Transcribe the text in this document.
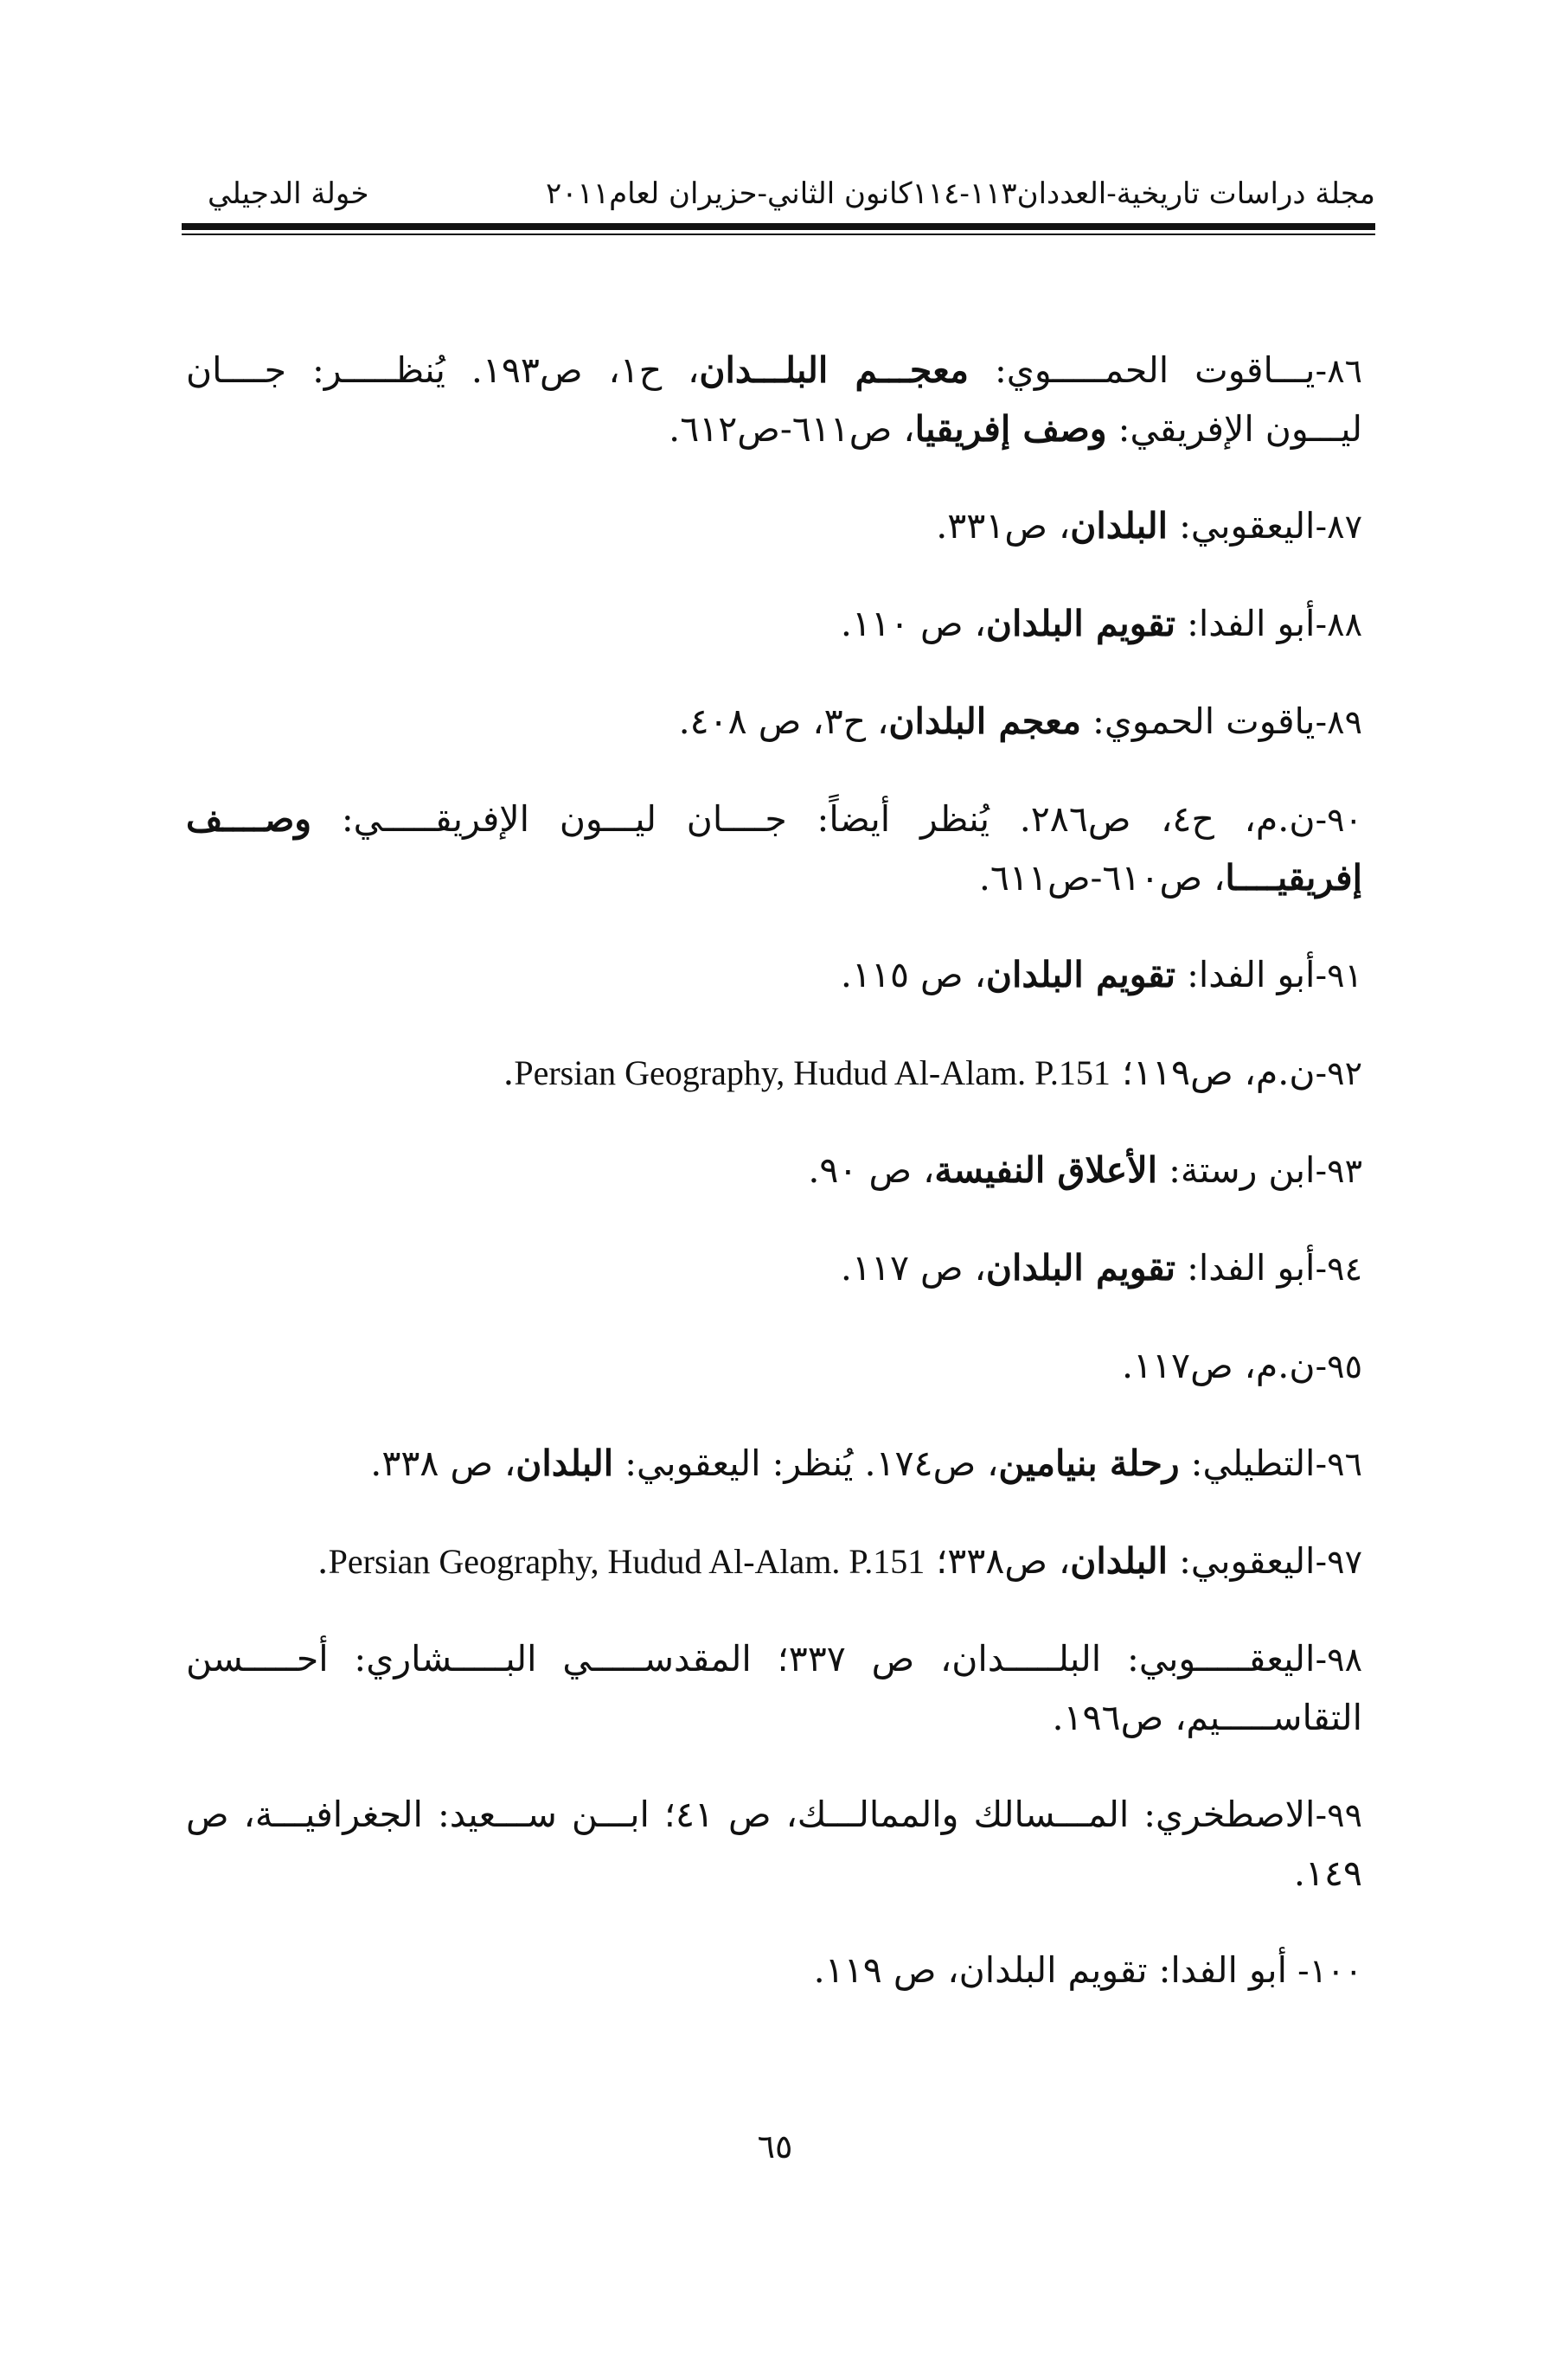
مجلة دراسات تاريخية-العددان١١٣-١١٤كانون الثاني-حزيران لعام٢٠١١
خولة الدجيلي

٨٦-يـــاقوت الحمـــــوي: معجـــم البلـــدان، ح١، ص١٩٣. يُنظـــــر: جــــان ليـــون الإفريقي: وصف إفريقيا، ص٦١١-ص٦١٢.

٨٧-اليعقوبي: البلدان، ص٣٣١.

٨٨-أبو الفدا: تقويم البلدان، ص ١١٠.

٨٩-ياقوت الحموي: معجم البلدان، ح٣، ص ٤٠٨.

٩٠-ن.م، ح٤، ص٢٨٦. يُنظر أيضاً: جــــان ليـــون الإفريقـــــي: وصــــف إفريقيــــا، ص٦١٠-ص٦١١.

٩١-أبو الفدا: تقويم البلدان، ص ١١٥.

٩٢-ن.م، ص١١٩؛ Persian Geography, Hudud Al-Alam. P.151.

٩٣-ابن رستة: الأعلاق النفيسة، ص ٩٠.

٩٤-أبو الفدا: تقويم البلدان، ص ١١٧.

٩٥-ن.م، ص١١٧.

٩٦-التطيلي: رحلة بنيامين، ص١٧٤. يُنظر: اليعقوبي: البلدان، ص ٣٣٨.

٩٧-اليعقوبي: البلدان، ص٣٣٨؛ Persian Geography, Hudud Al-Alam. P.151.

٩٨-اليعقـــــوبي: البلـــــدان، ص ٣٣٧؛ المقدســـــي البـــــشاري: أحـــــسن التقاســـــيم، ص١٩٦.

٩٩-الاصطخري: المـــسالك والممالـــك، ص ٤١؛ ابـــن ســـعيد: الجغرافيـــة، ص ١٤٩.

١٠٠- أبو الفدا: تقويم البلدان، ص ١١٩.

٦٥
